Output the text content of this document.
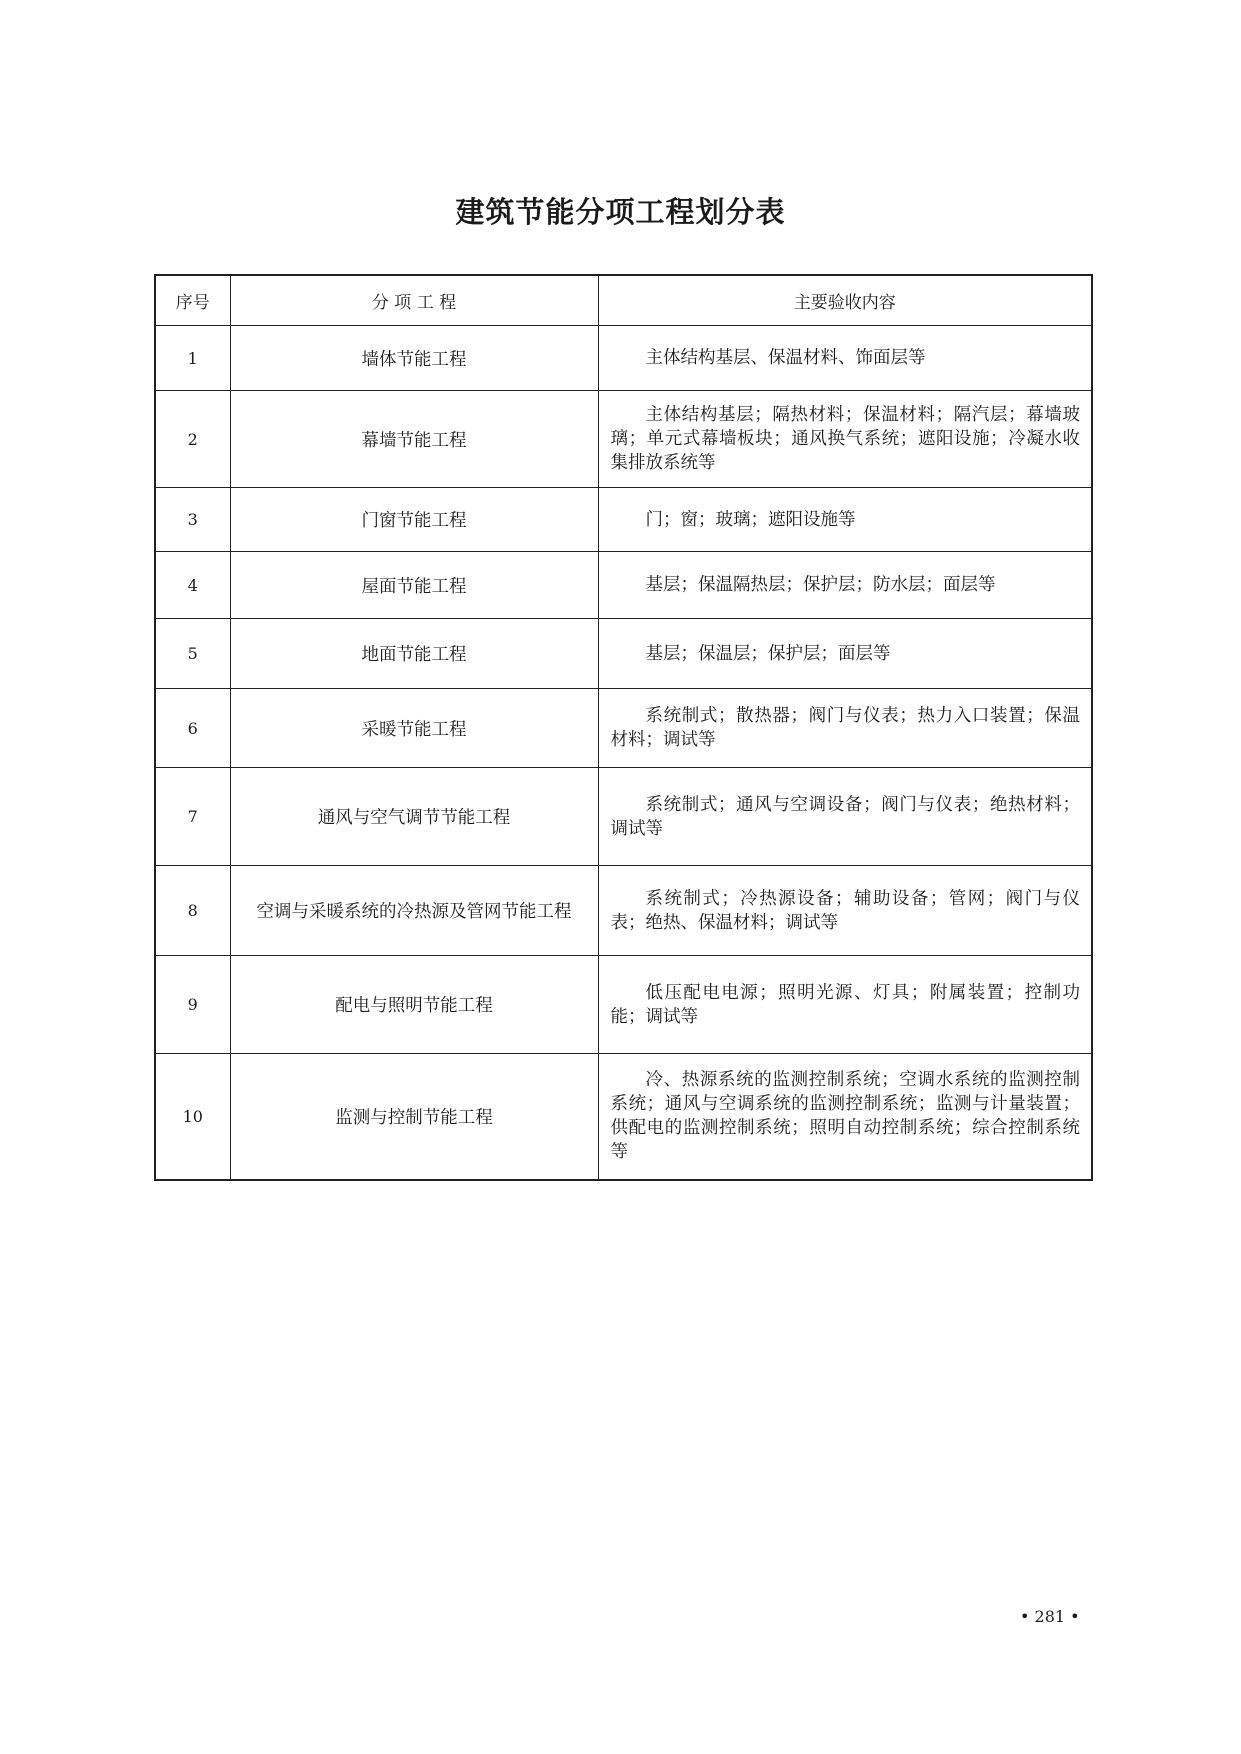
建筑节能分项工程划分表
序号	分 项 工 程	主要验收内容
1	墙体节能工程	主体结构基层、保温材料、饰面层等
2	幕墙节能工程	主体结构基层；隔热材料；保温材料；隔汽层；幕墙玻璃；单元式幕墙板块；通风换气系统；遮阳设施；冷凝水收集排放系统等
3	门窗节能工程	门；窗；玻璃；遮阳设施等
4	屋面节能工程	基层；保温隔热层；保护层；防水层；面层等
5	地面节能工程	基层；保温层；保护层；面层等
6	采暖节能工程	系统制式；散热器；阀门与仪表；热力入口装置；保温材料；调试等
7	通风与空气调节节能工程	系统制式；通风与空调设备；阀门与仪表；绝热材料；调试等
8	空调与采暖系统的冷热源及管网节能工程	系统制式；冷热源设备；辅助设备；管网；阀门与仪表；绝热、保温材料；调试等
9	配电与照明节能工程	低压配电电源；照明光源、灯具；附属装置；控制功能；调试等
10	监测与控制节能工程	冷、热源系统的监测控制系统；空调水系统的监测控制系统；通风与空调系统的监测控制系统；监测与计量装置；供配电的监测控制系统；照明自动控制系统；综合控制系统等
• 281 •
